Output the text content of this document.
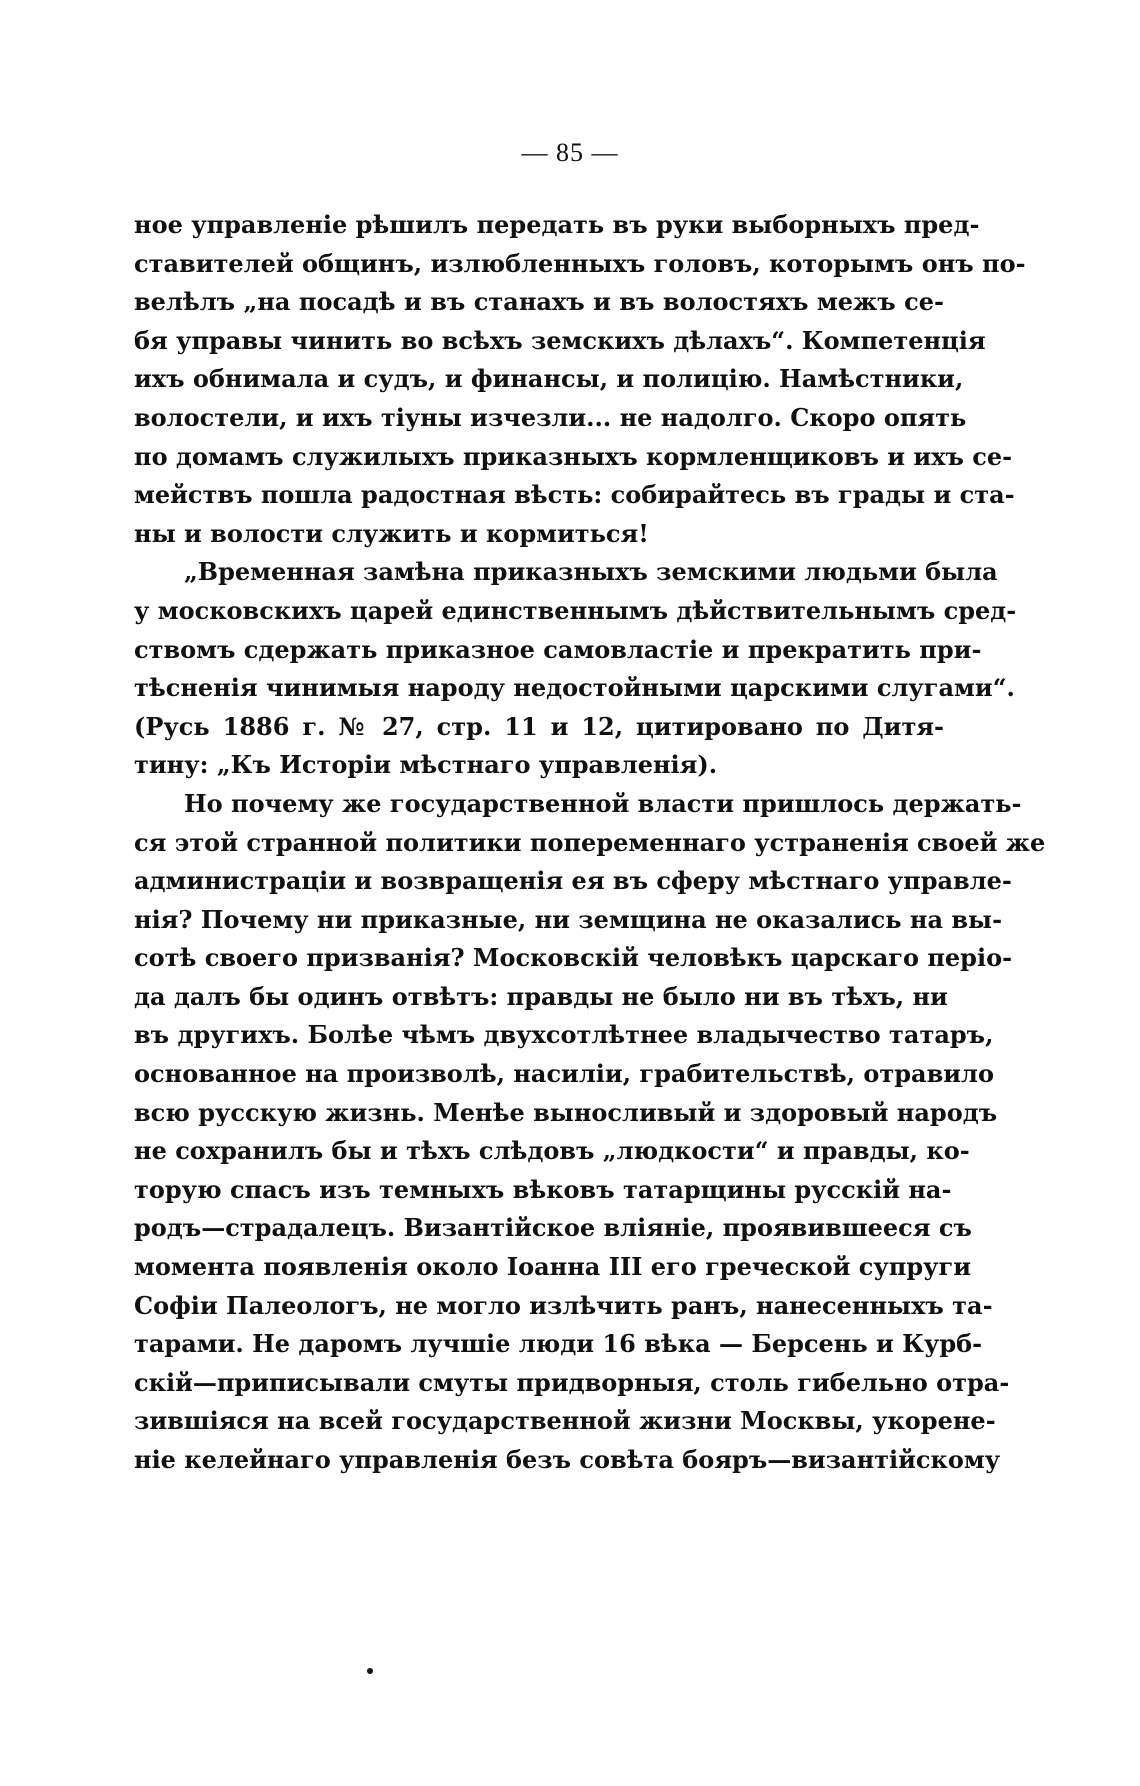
— 85 —
ное управленіе рѣшилъ передать въ руки выборныхъ пред-
ставителей общинъ, излюбленныхъ головъ, которымъ онъ по-
велѣлъ „на посадѣ и въ станахъ и въ волостяхъ межъ се-
бя управы чинить во всѣхъ земскихъ дѣлахъ“. Компетенція
ихъ обнимала и судъ, и финансы, и полицію. Намѣстники,
волостели, и ихъ тіуны изчезли... не надолго. Скоро опять
по домамъ служилыхъ приказныхъ кормленщиковъ и ихъ се-
мействъ пошла радостная вѣсть: собирайтесь въ грады и ста-
ны и волости служить и кормиться!
„Временная замѣна приказныхъ земскими людьми была
у московскихъ царей единственнымъ дѣйствительнымъ сред-
ствомъ сдержать приказное самовластіе и прекратить при-
тѣсненія чинимыя народу недостойными царскими слугами“.
(Русь 1886 г. № 27, стр. 11 и 12, цитировано по Дитя-
тину: „Къ Исторіи мѣстнаго управленія).
Но почему же государственной власти пришлось держать-
ся этой странной политики попеременнаго устраненія своей же
администраціи и возвращенія ея въ сферу мѣстнаго управле-
нія? Почему ни приказные, ни земщина не оказались на вы-
сотѣ своего призванія? Московскій человѣкъ царскаго періо-
да далъ бы одинъ отвѣтъ: правды не было ни въ тѣхъ, ни
въ другихъ. Болѣе чѣмъ двухсотлѣтнее владычество татаръ,
основанное на произволѣ, насиліи, грабительствѣ, отравило
всю русскую жизнь. Менѣе выносливый и здоровый народъ
не сохранилъ бы и тѣхъ слѣдовъ „людкости“ и правды, ко-
торую спасъ изъ темныхъ вѣковъ татарщины русскій на-
родъ—страдалецъ. Византійское вліяніе, проявившееся съ
момента появленія около Іоанна III его греческой супруги
Софіи Палеологъ, не могло излѣчить ранъ, нанесенныхъ та-
тарами. Не даромъ лучшіе люди 16 вѣка — Берсень и Курб-
скій—приписывали смуты придворныя, столь гибельно отра-
зившіяся на всей государственной жизни Москвы, укорене-
ніе келейнаго управленія безъ совѣта бояръ—византійскому
